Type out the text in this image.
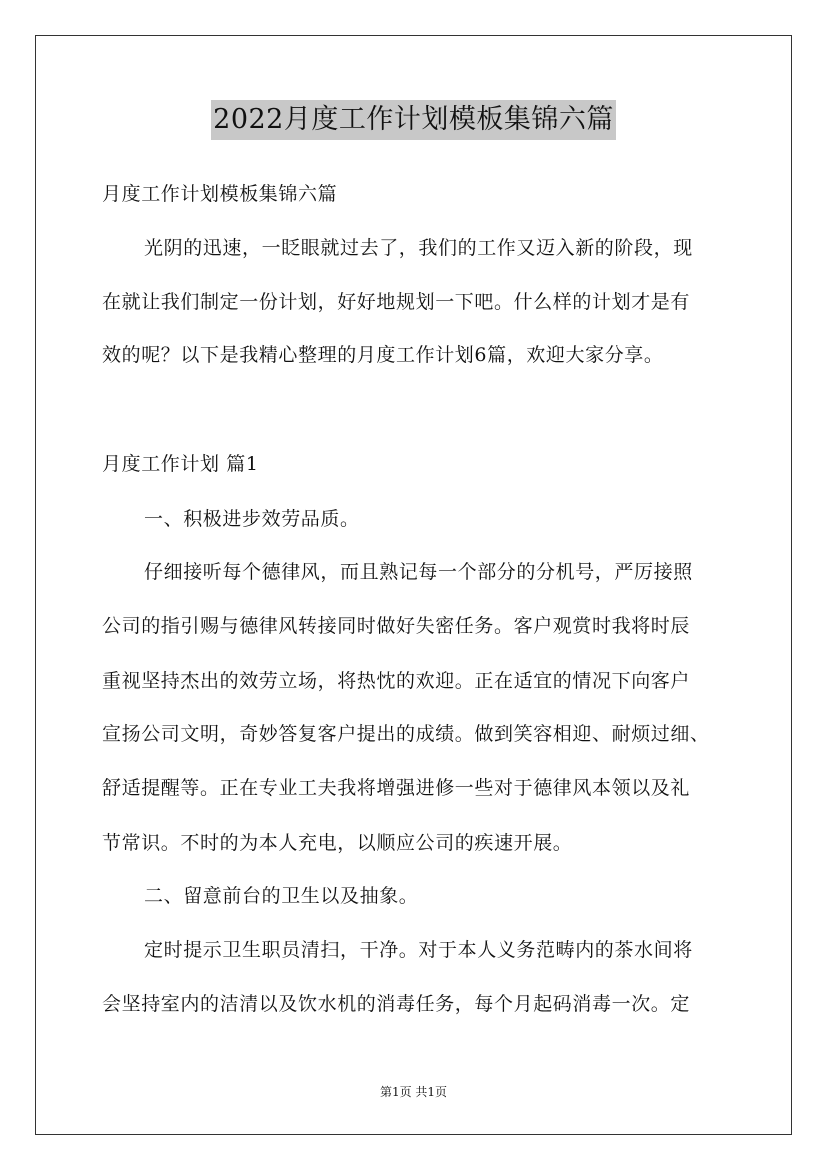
2022月度工作计划模板集锦六篇
月度工作计划模板集锦六篇
光阴的迅速，一眨眼就过去了，我们的工作又迈入新的阶段，现
在就让我们制定一份计划，好好地规划一下吧。什么样的计划才是有
效的呢？以下是我精心整理的月度工作计划6篇，欢迎大家分享。
月度工作计划 篇1
一、积极进步效劳品质。
仔细接听每个德律风，而且熟记每一个部分的分机号，严厉接照
公司的指引赐与德律风转接同时做好失密任务。客户观赏时我将时辰
重视坚持杰出的效劳立场，将热忱的欢迎。正在适宜的情况下向客户
宣扬公司文明，奇妙答复客户提出的成绩。做到笑容相迎、耐烦过细、
舒适提醒等。正在专业工夫我将增强进修一些对于德律风本领以及礼
节常识。不时的为本人充电，以顺应公司的疾速开展。
二、留意前台的卫生以及抽象。
定时提示卫生职员清扫，干净。对于本人义务范畴内的茶水间将
会坚持室内的洁清以及饮水机的消毒任务，每个月起码消毒一次。定
第1页 共1页
